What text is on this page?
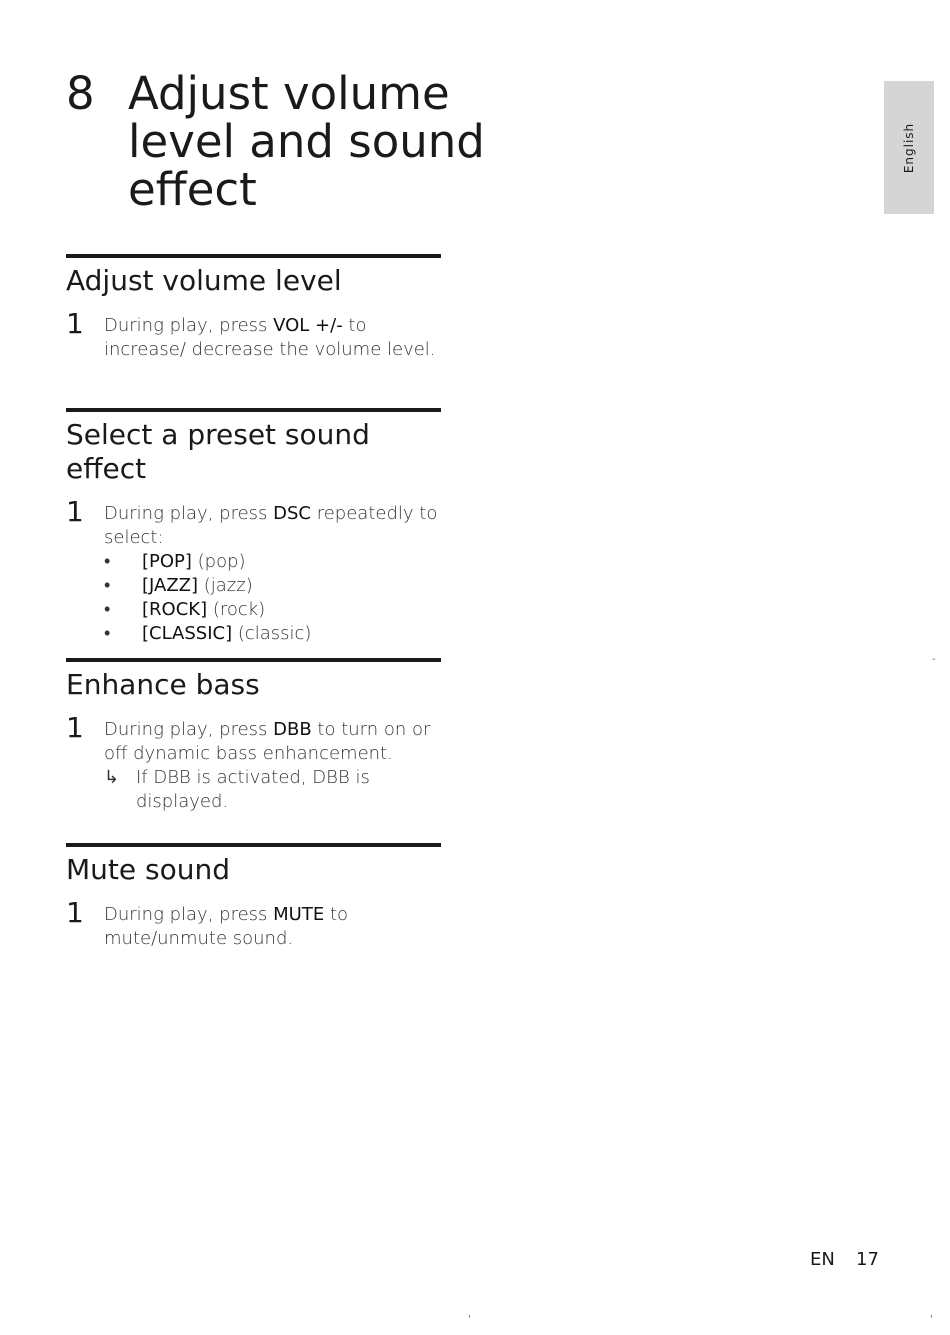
8 Adjust volume level and sound effect
English
Adjust volume level
1 During play, press VOL +/- to increase/ decrease the volume level.
Select a preset sound effect
1 During play, press DSC repeatedly to select:
• [POP] (pop)
• [JAZZ] (jazz)
• [ROCK] (rock)
• [CLASSIC] (classic)
Enhance bass
1 During play, press DBB to turn on or off dynamic bass enhancement.
↳ If DBB is activated, DBB is displayed.
Mute sound
1 During play, press MUTE to mute/unmute sound.
EN 17
-
'	'
